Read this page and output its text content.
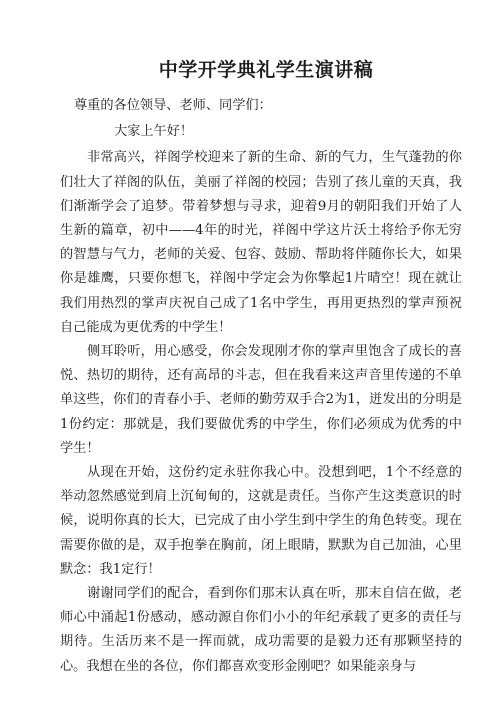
中学开学典礼学生演讲稿

尊重的各位领导、老师、同学们：

大家上午好！

非常高兴，祥阁学校迎来了新的生命、新的气力，生气蓬勃的你们壮大了祥阁的队伍，美丽了祥阁的校园；告别了孩儿童的天真，我们渐渐学会了追梦。带着梦想与寻求，迎着9月的朝阳我们开始了人生新的篇章，初中——4年的时光，祥阁中学这片沃土将给予你无穷的智慧与气力，老师的关爱、包容、鼓励、帮助将伴随你长大，如果你是雄鹰，只要你想飞，祥阁中学定会为你擎起1片晴空！现在就让我们用热烈的掌声庆祝自己成了1名中学生，再用更热烈的掌声预祝自己能成为更优秀的中学生！

侧耳聆听，用心感受，你会发现刚才你的掌声里饱含了成长的喜悦、热切的期待，还有高昂的斗志，但在我看来这声音里传递的不单单这些，你们的青春小手、老师的勤劳双手合2为1，迸发出的分明是1份约定：那就是，我们要做优秀的中学生，你们必须成为优秀的中学生！

从现在开始，这份约定永驻你我心中。没想到吧，1个不经意的举动忽然感觉到肩上沉甸甸的，这就是责任。当你产生这类意识的时候，说明你真的长大，已完成了由小学生到中学生的角色转变。现在需要你做的是，双手抱拳在胸前，闭上眼睛，默默为自己加油，心里默念：我1定行！

谢谢同学们的配合，看到你们那末认真在听，那末自信在做，老师心中涌起1份感动，感动源自你们小小的年纪承载了更多的责任与期待。生活历来不是一挥而就，成功需要的是毅力还有那颗坚持的心。我想在坐的各位，你们都喜欢变形金刚吧？如果能亲身与
